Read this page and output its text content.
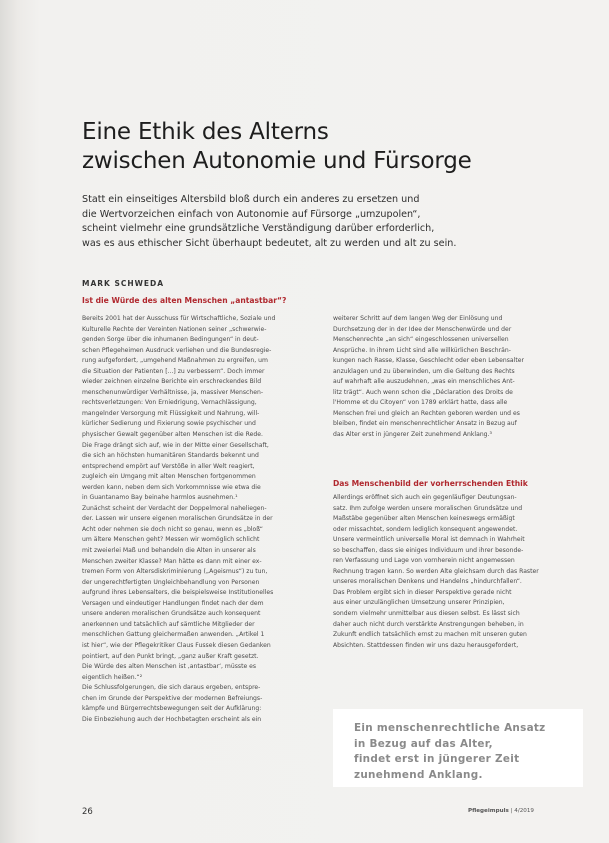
Eine Ethik des Alterns
zwischen Autonomie und Fürsorge
Statt ein einseitiges Altersbild bloß durch ein anderes zu ersetzen und
die Wertvorzeichen einfach von Autonomie auf Fürsorge „umzupolen“,
scheint vielmehr eine grundsätzliche Verständigung darüber erforderlich,
was es aus ethischer Sicht überhaupt bedeutet, alt zu werden und alt zu sein.
MARK SCHWEDA
Ist die Würde des alten Menschen „antastbar“?
Bereits 2001 hat der Ausschuss für Wirtschaftliche, Soziale und
Kulturelle Rechte der Vereinten Nationen seiner „schwerwie-
genden Sorge über die inhumanen Bedingungen“ in deut-
schen Pflegeheimen Ausdruck verliehen und die Bundesregie-
rung aufgefordert, „umgehend Maßnahmen zu ergreifen, um
die Situation der Patienten [...] zu verbessern“. Doch immer
wieder zeichnen einzelne Berichte ein erschreckendes Bild
menschenunwürdiger Verhältnisse, ja, massiver Menschen-
rechtsverletzungen: Von Erniedrigung, Vernachlässigung,
mangelnder Versorgung mit Flüssigkeit und Nahrung, will-
kürlicher Sedierung und Fixierung sowie psychischer und
physischer Gewalt gegenüber alten Menschen ist die Rede.
Die Frage drängt sich auf, wie in der Mitte einer Gesellschaft,
die sich an höchsten humanitären Standards bekennt und
entsprechend empört auf Verstöße in aller Welt reagiert,
zugleich ein Umgang mit alten Menschen fortgenommen
werden kann, neben dem sich Vorkommnisse wie etwa die
in Guantanamo Bay beinahe harmlos ausnehmen.¹
Zunächst scheint der Verdacht der Doppelmoral naheliegen-
der. Lassen wir unsere eigenen moralischen Grundsätze in der
Acht oder nehmen sie doch nicht so genau, wenn es „bloß“
um ältere Menschen geht? Messen wir womöglich schlicht
mit zweierlei Maß und behandeln die Alten in unserer als
Menschen zweiter Klasse? Man hätte es dann mit einer ex-
tremen Form von Altersdiskriminierung („Ageismus“) zu tun,
der ungerechtfertigten Ungleichbehandlung von Personen
aufgrund ihres Lebensalters, die beispielsweise Institutionelles
Versagen und eindeutiger Handlungen findet nach der dem
unsere anderen moralischen Grundsätze auch konsequent
anerkennen und tatsächlich auf sämtliche Mitglieder der
menschlichen Gattung gleichermaßen anwenden. „Artikel 1
ist hier“, wie der Pflegekritiker Claus Fussek diesen Gedanken
pointiert, auf den Punkt bringt, „ganz außer Kraft gesetzt.
Die Würde des alten Menschen ist ‚antastbar‘, müsste es
eigentlich heißen.“²
Die Schlussfolgerungen, die sich daraus ergeben, entspre-
chen im Grunde der Perspektive der modernen Befreiungs-
kämpfe und Bürgerrechtsbewegungen seit der Aufklärung:
Die Einbeziehung auch der Hochbetagten erscheint als ein
weiterer Schritt auf dem langen Weg der Einlösung und
Durchsetzung der in der Idee der Menschenwürde und der
Menschenrechte „an sich“ eingeschlossenen universellen
Ansprüche. In ihrem Licht sind alle willkürlichen Beschrän-
kungen nach Rasse, Klasse, Geschlecht oder eben Lebensalter
anzuklagen und zu überwinden, um die Geltung des Rechts
auf wahrhaft alle auszudehnen, „was ein menschliches Ant-
litz trägt“. Auch wenn schon die „Déclaration des Droits de
l'Homme et du Citoyen“ von 1789 erklärt hatte, dass alle
Menschen frei und gleich an Rechten geboren werden und es
bleiben, findet ein menschenrechtlicher Ansatz in Bezug auf
das Alter erst in jüngerer Zeit zunehmend Anklang.³
Das Menschenbild der vorherrschenden Ethik
Allerdings eröffnet sich auch ein gegenläufiger Deutungsan-
satz. Ihm zufolge werden unsere moralischen Grundsätze und
Maßstäbe gegenüber alten Menschen keineswegs ermäßigt
oder missachtet, sondern lediglich konsequent angewendet.
Unsere vermeintlich universelle Moral ist demnach in Wahrheit
so beschaffen, dass sie einiges Individuum und ihrer besonde-
ren Verfassung und Lage von vornherein nicht angemessen
Rechnung tragen kann. So werden Alte gleichsam durch das Raster
unseres moralischen Denkens und Handelns „hindurchfallen“.
Das Problem ergibt sich in dieser Perspektive gerade nicht
aus einer unzulänglichen Umsetzung unserer Prinzipien,
sondern vielmehr unmittelbar aus diesen selbst. Es lässt sich
daher auch nicht durch verstärkte Anstrengungen beheben, in
Zukunft endlich tatsächlich ernst zu machen mit unseren guten
Absichten. Stattdessen finden wir uns dazu herausgefordert,
Ein menschenrechtliche Ansatz
in Bezug auf das Alter,
findet erst in jüngerer Zeit
zunehmend Anklang.
26	Pflegeimpuls | 4/2019
